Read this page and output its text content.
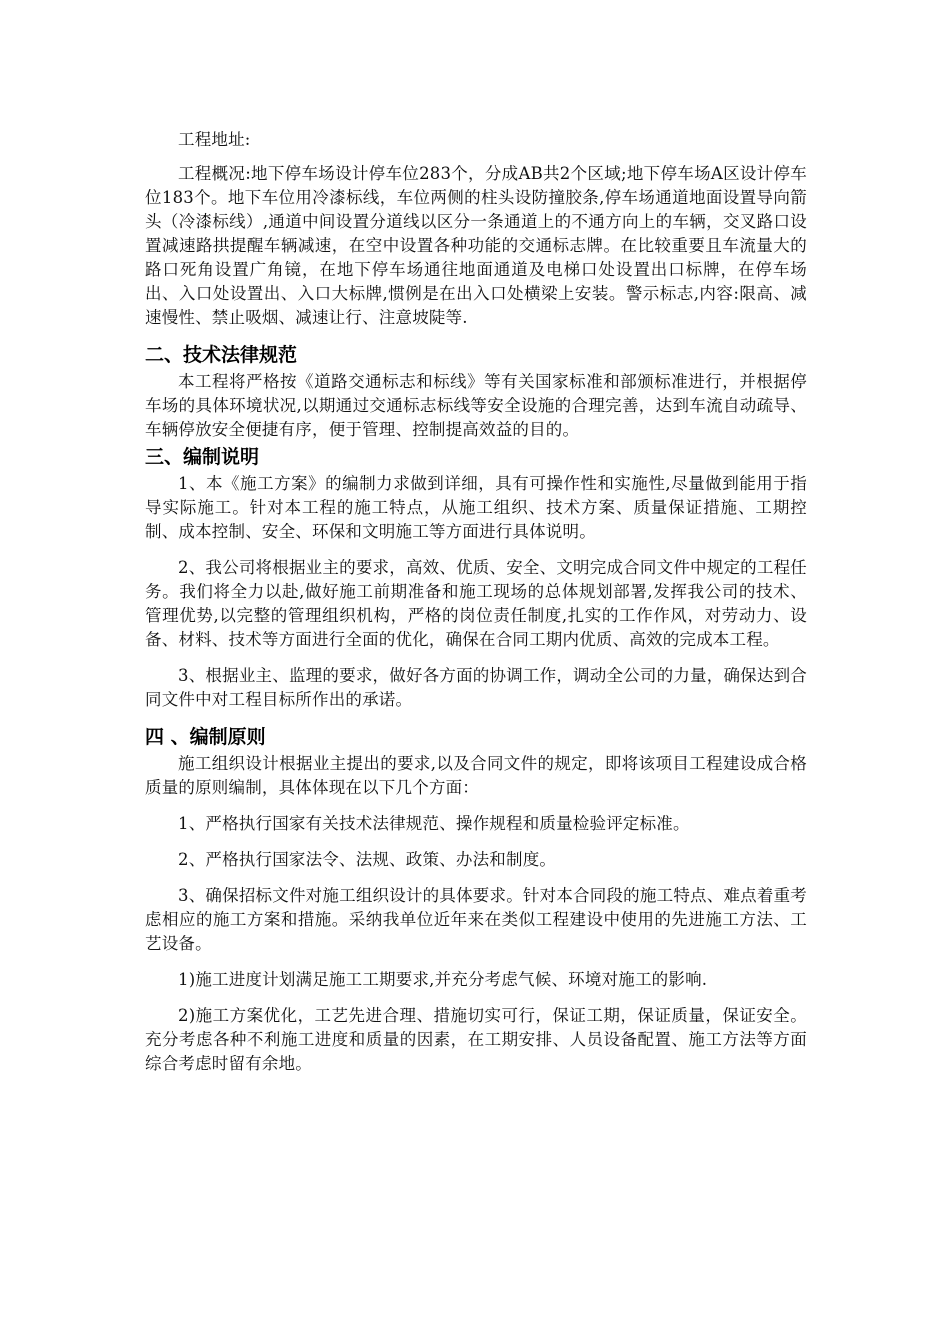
工程地址:

工程概况:地下停车场设计停车位283个，分成AB共2个区域;地下停车场A区设计停车位183个。地下车位用冷漆标线，车位两侧的柱头设防撞胶条,停车场通道地面设置导向箭头（冷漆标线）,通道中间设置分道线以区分一条通道上的不通方向上的车辆，交叉路口设置减速路拱提醒车辆减速，在空中设置各种功能的交通标志牌。在比较重要且车流量大的路口死角设置广角镜，在地下停车场通往地面通道及电梯口处设置出口标牌，在停车场出、入口处设置出、入口大标牌,惯例是在出入口处横梁上安装。警示标志,内容:限高、减速慢性、禁止吸烟、减速让行、注意坡陡等.

二、技术法律规范

本工程将严格按《道路交通标志和标线》等有关国家标准和部颁标准进行，并根据停车场的具体环境状况,以期通过交通标志标线等安全设施的合理完善，达到车流自动疏导、车辆停放安全便捷有序，便于管理、控制提高效益的目的。

三、编制说明

1、本《施工方案》的编制力求做到详细，具有可操作性和实施性,尽量做到能用于指导实际施工。针对本工程的施工特点，从施工组织、技术方案、质量保证措施、工期控制、成本控制、安全、环保和文明施工等方面进行具体说明。

2、我公司将根据业主的要求，高效、优质、安全、文明完成合同文件中规定的工程任务。我们将全力以赴,做好施工前期准备和施工现场的总体规划部署,发挥我公司的技术、管理优势,以完整的管理组织机构，严格的岗位责任制度,扎实的工作作风，对劳动力、设备、材料、技术等方面进行全面的优化，确保在合同工期内优质、高效的完成本工程。

3、根据业主、监理的要求，做好各方面的协调工作，调动全公司的力量，确保达到合同文件中对工程目标所作出的承诺。

四 、编制原则

施工组织设计根据业主提出的要求,以及合同文件的规定，即将该项目工程建设成合格质量的原则编制，具体体现在以下几个方面：

1、严格执行国家有关技术法律规范、操作规程和质量检验评定标准。

2、严格执行国家法令、法规、政策、办法和制度。

3、确保招标文件对施工组织设计的具体要求。针对本合同段的施工特点、难点着重考虑相应的施工方案和措施。采纳我单位近年来在类似工程建设中使用的先进施工方法、工艺设备。

1)施工进度计划满足施工工期要求,并充分考虑气候、环境对施工的影响.

2)施工方案优化，工艺先进合理、措施切实可行，保证工期，保证质量，保证安全。充分考虑各种不利施工进度和质量的因素，在工期安排、人员设备配置、施工方法等方面综合考虑时留有余地。
